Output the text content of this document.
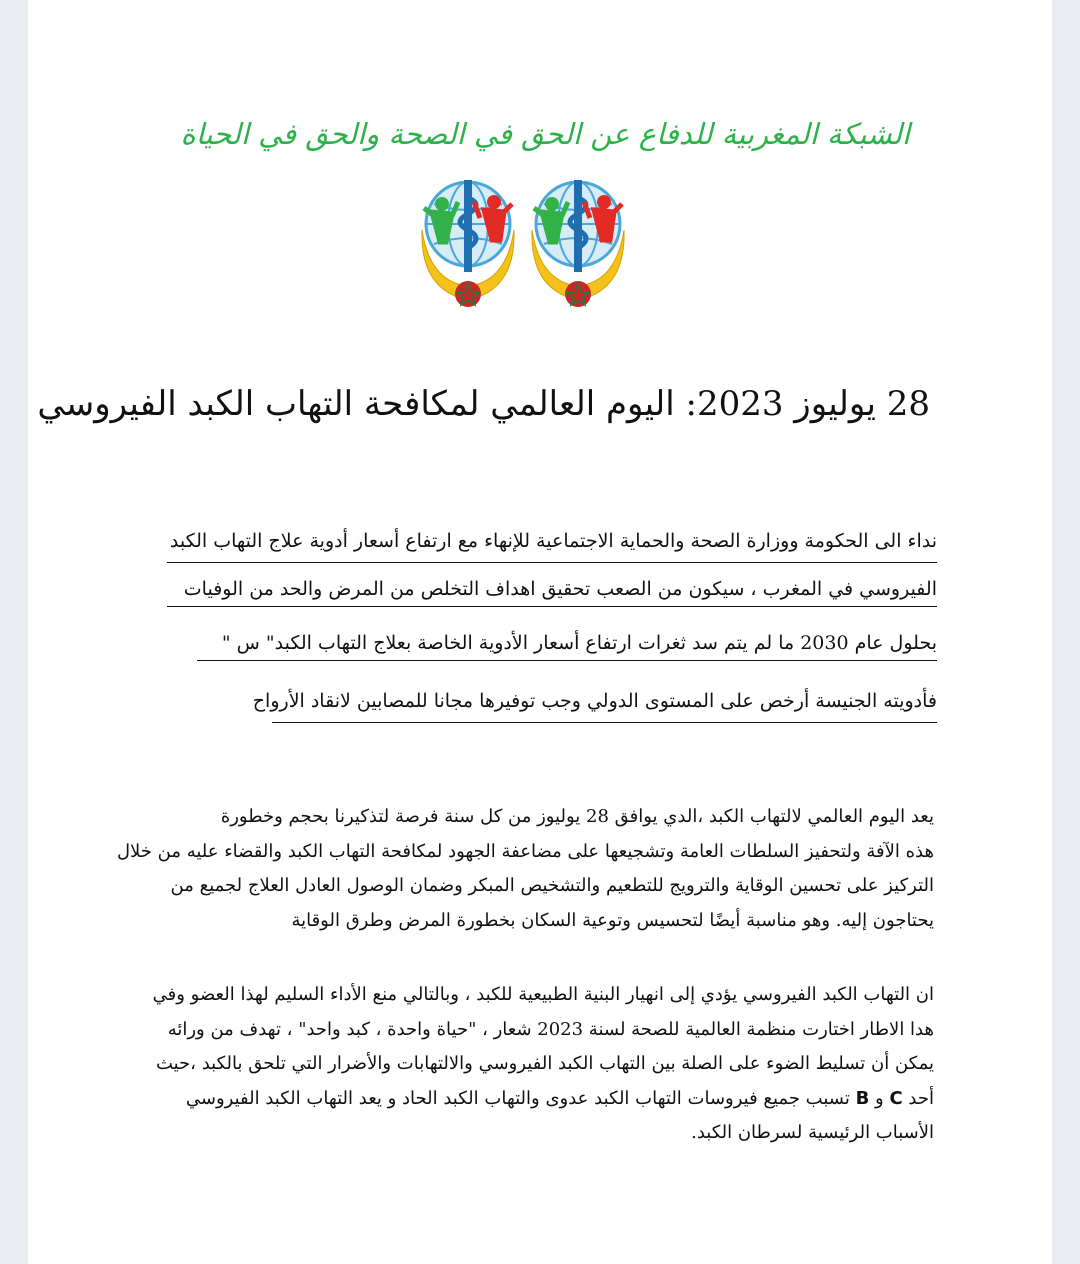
الشبكة المغربية للدفاع عن الحق في الصحة والحق في الحياة
28 يوليوز 2023: اليوم العالمي لمكافحة التهاب الكبد الفيروسي
نداء الى الحكومة ووزارة الصحة والحماية الاجتماعية للإنهاء مع ارتفاع أسعار أدوية علاج التهاب الكبد
الفيروسي في المغرب ، سيكون من الصعب تحقيق اهداف التخلص من المرض والحد من الوفيات
بحلول عام 2030 ما لم يتم سد ثغرات ارتفاع أسعار الأدوية الخاصة بعلاج التهاب الكبد" س "
فأدويته الجنيسة أرخص على المستوى الدولي وجب توفيرها مجانا للمصابين لانقاد الأرواح
يعد اليوم العالمي لالتهاب الكبد ،الدي يوافق 28 يوليوز من كل سنة فرصة لتذكيرنا بحجم وخطورة
هذه الآفة ولتحفيز السلطات العامة وتشجيعها على مضاعفة الجهود لمكافحة التهاب الكبد والقضاء عليه من خلال
التركيز على تحسين الوقاية والترويج للتطعيم والتشخيص المبكر وضمان الوصول العادل العلاج لجميع من
يحتاجون إليه. وهو مناسبة أيضًا لتحسيس وتوعية السكان بخطورة المرض وطرق الوقاية
ان التهاب الكبد الفيروسي يؤدي إلى انهيار البنية الطبيعية للكبد ، وبالتالي منع الأداء السليم لهذا العضو وفي
هدا الاطار اختارت منظمة العالمية للصحة لسنة 2023 شعار ، "حياة واحدة ، كبد واحد" ، تهدف من ورائه
يمكن أن تسليط الضوء على الصلة بين التهاب الكبد الفيروسي والالتهابات والأضرار التي تلحق بالكبد ،حيث
أحد C و B تسبب جميع فيروسات التهاب الكبد عدوى والتهاب الكبد الحاد و يعد التهاب الكبد الفيروسي
الأسباب الرئيسية لسرطان الكبد.
